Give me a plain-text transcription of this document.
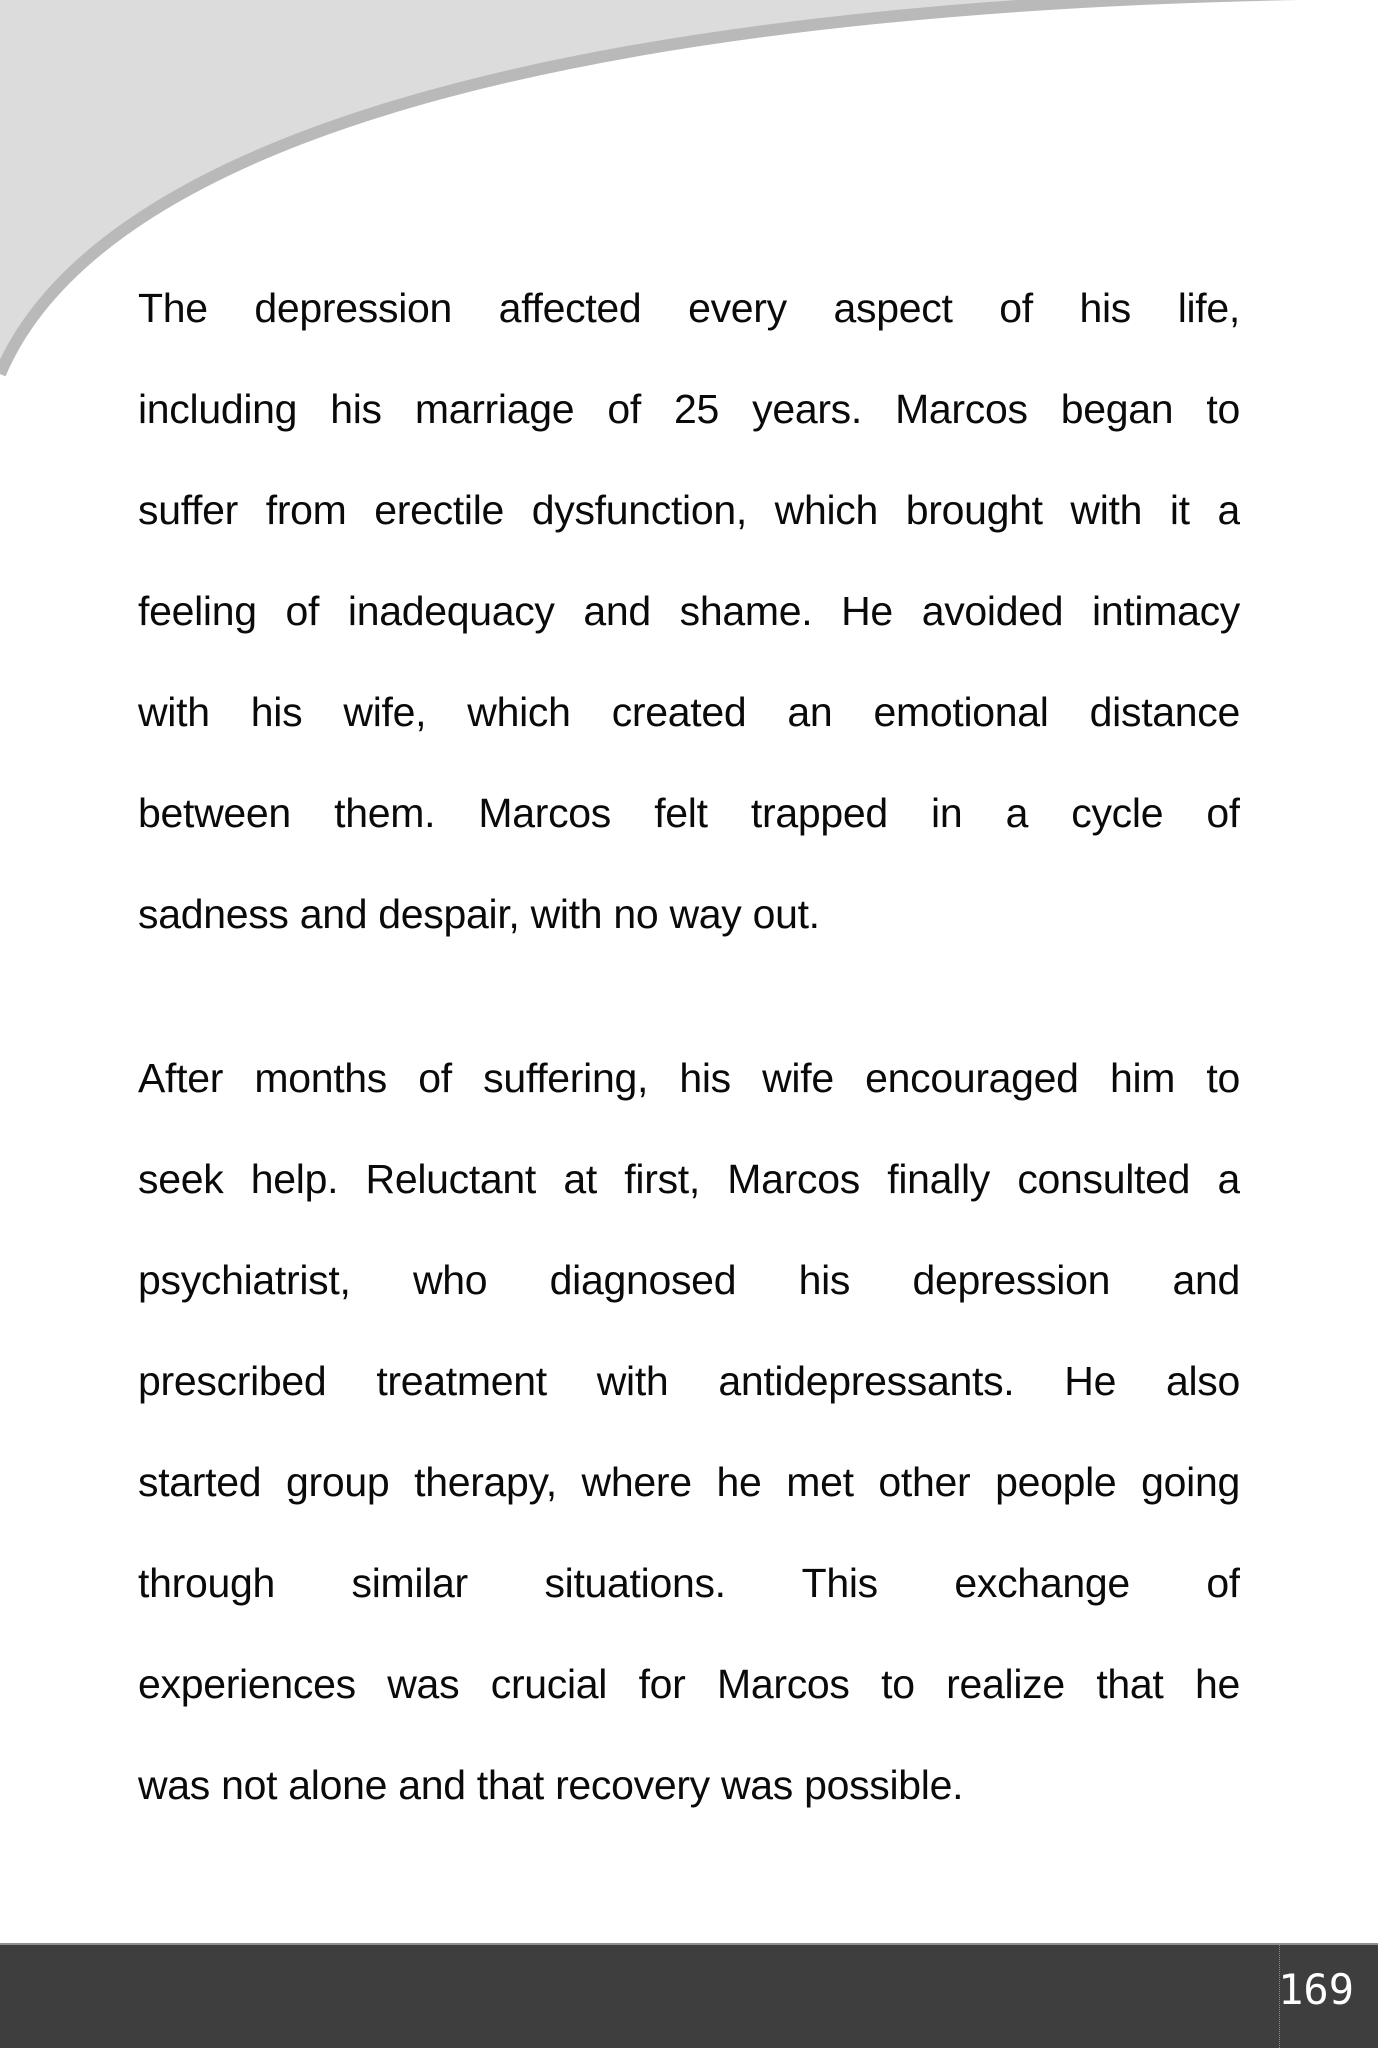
The depression affected every aspect of his life,
including his marriage of 25 years. Marcos began to
suffer from erectile dysfunction, which brought with it a
feeling of inadequacy and shame. He avoided intimacy
with his wife, which created an emotional distance
between them. Marcos felt trapped in a cycle of
sadness and despair, with no way out.
After months of suffering, his wife encouraged him to
seek help. Reluctant at first, Marcos finally consulted a
psychiatrist, who diagnosed his depression and
prescribed treatment with antidepressants. He also
started group therapy, where he met other people going
through similar situations. This exchange of
experiences was crucial for Marcos to realize that he
was not alone and that recovery was possible.
169
